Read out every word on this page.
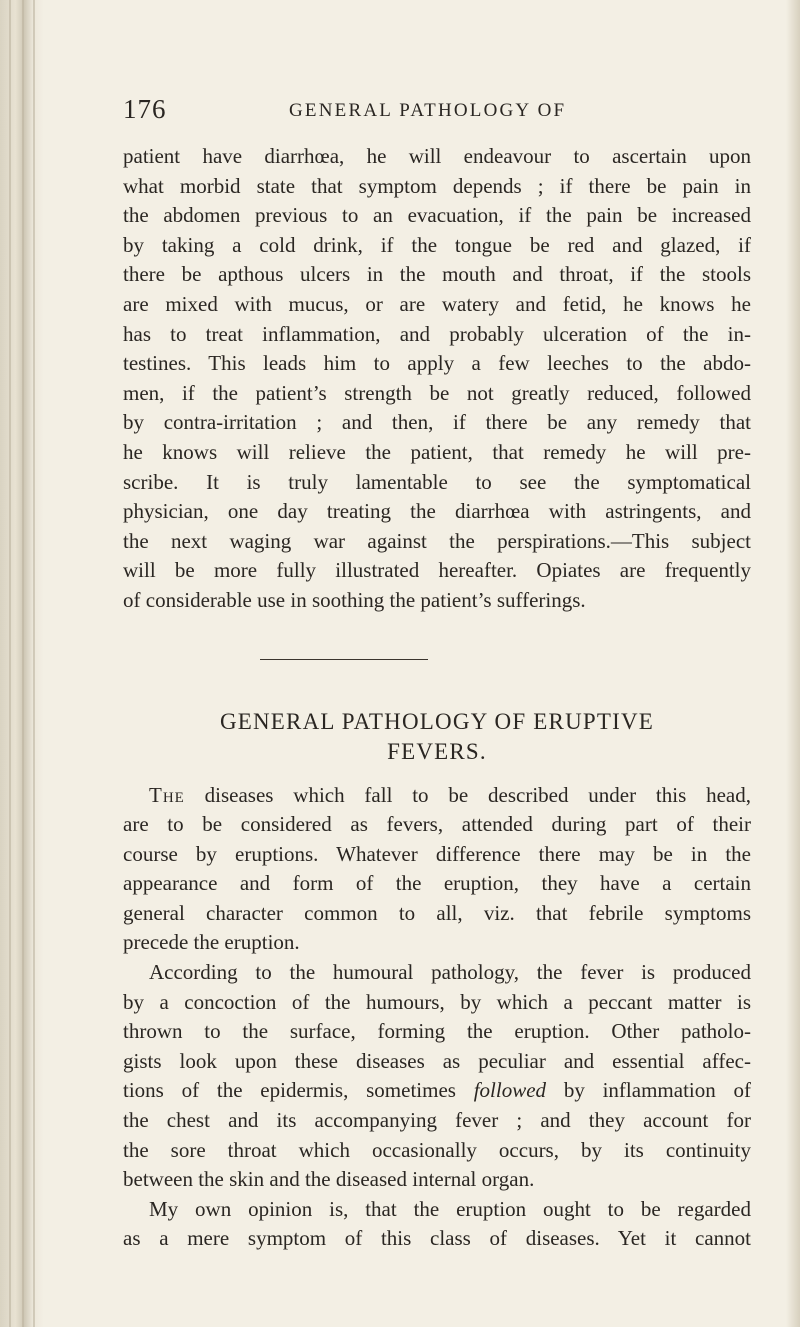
176	GENERAL PATHOLOGY OF

patient have diarrhœa, he will endeavour to ascertain upon
what morbid state that symptom depends ; if there be pain in
the abdomen previous to an evacuation, if the pain be increased
by taking a cold drink, if the tongue be red and glazed, if
there be apthous ulcers in the mouth and throat, if the stools
are mixed with mucus, or are watery and fetid, he knows he
has to treat inflammation, and probably ulceration of the in-
testines. This leads him to apply a few leeches to the abdo-
men, if the patient’s strength be not greatly reduced, followed
by contra-irritation ; and then, if there be any remedy that
he knows will relieve the patient, that remedy he will pre-
scribe. It is truly lamentable to see the symptomatical
physician, one day treating the diarrhœa with astringents, and
the next waging war against the perspirations.—This subject
will be more fully illustrated hereafter. Opiates are frequently
of considerable use in soothing the patient’s sufferings.

GENERAL PATHOLOGY OF ERUPTIVE
FEVERS.

The diseases which fall to be described under this head,
are to be considered as fevers, attended during part of their
course by eruptions. Whatever difference there may be in the
appearance and form of the eruption, they have a certain
general character common to all, viz. that febrile symptoms
precede the eruption.

According to the humoural pathology, the fever is produced
by a concoction of the humours, by which a peccant matter is
thrown to the surface, forming the eruption. Other patholo-
gists look upon these diseases as peculiar and essential affec-
tions of the epidermis, sometimes followed by inflammation of
the chest and its accompanying fever ; and they account for
the sore throat which occasionally occurs, by its continuity
between the skin and the diseased internal organ.

My own opinion is, that the eruption ought to be regarded
as a mere symptom of this class of diseases. Yet it cannot
